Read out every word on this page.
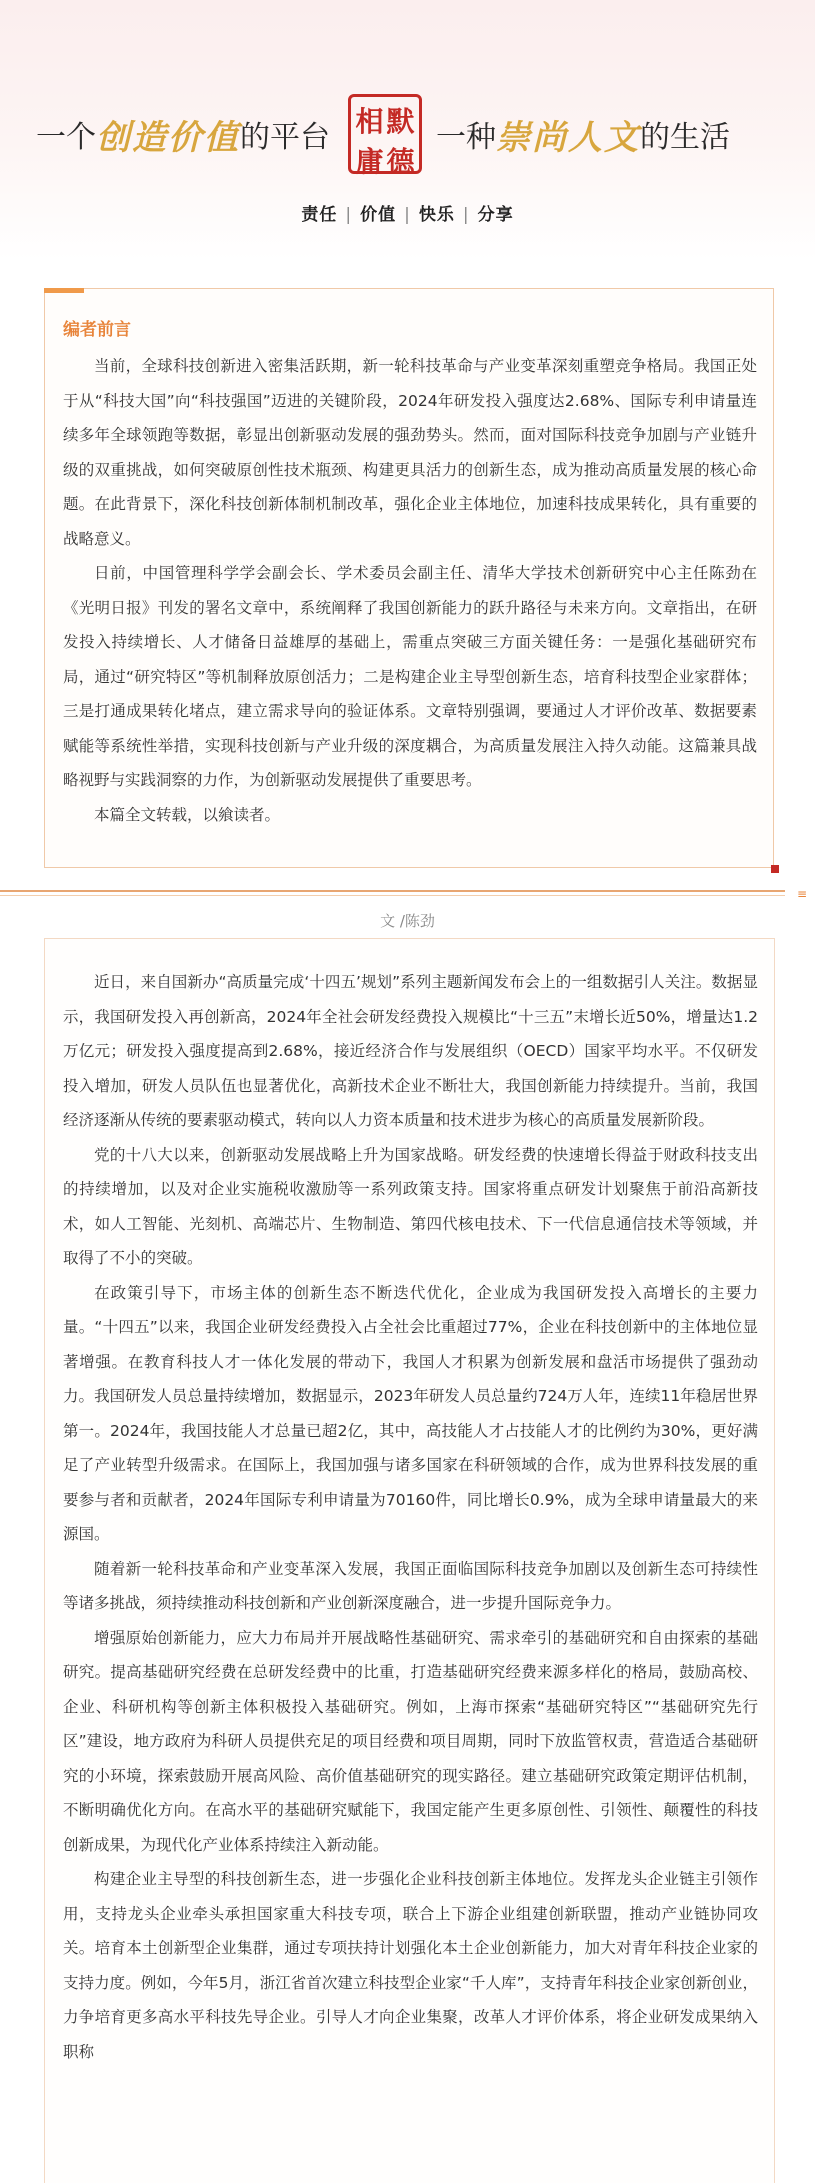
一个 创造价值 的平台 相 默
庸 德
一种 崇尚人文 的生活
责任 | 价值 | 快乐 | 分享
编者前言

当前，全球科技创新进入密集活跃期，新一轮科技革命与产业变革深刻重塑竞争格局。我国正处于从“科技大国”向“科技强国”迈进的关键阶段，2024年研发投入强度达2.68%、国际专利申请量连续多年全球领跑等数据，彰显出创新驱动发展的强劲势头。然而，面对国际科技竞争加剧与产业链升级的双重挑战，如何突破原创性技术瓶颈、构建更具活力的创新生态，成为推动高质量发展的核心命题。在此背景下，深化科技创新体制机制改革，强化企业主体地位，加速科技成果转化，具有重要的战略意义。

日前，中国管理科学学会副会长、学术委员会副主任、清华大学技术创新研究中心主任陈劲在《光明日报》刊发的署名文章中，系统阐释了我国创新能力的跃升路径与未来方向。文章指出，在研发投入持续增长、人才储备日益雄厚的基础上，需重点突破三方面关键任务：一是强化基础研究布局，通过“研究特区”等机制释放原创活力；二是构建企业主导型创新生态，培育科技型企业家群体；三是打通成果转化堵点，建立需求导向的验证体系。文章特别强调，要通过人才评价改革、数据要素赋能等系统性举措，实现科技创新与产业升级的深度耦合，为高质量发展注入持久动能。这篇兼具战略视野与实践洞察的力作，为创新驱动发展提供了重要思考。

本篇全文转载，以飨读者。

≡
文 /陈劲

近日，来自国新办“高质量完成‘十四五’规划”系列主题新闻发布会上的一组数据引人关注。数据显示，我国研发投入再创新高，2024年全社会研发经费投入规模比“十三五”末增长近50%，增量达1.2万亿元；研发投入强度提高到2.68%，接近经济合作与发展组织（OECD）国家平均水平。不仅研发投入增加，研发人员队伍也显著优化，高新技术企业不断壮大，我国创新能力持续提升。当前，我国经济逐渐从传统的要素驱动模式，转向以人力资本质量和技术进步为核心的高质量发展新阶段。

党的十八大以来，创新驱动发展战略上升为国家战略。研发经费的快速增长得益于财政科技支出的持续增加，以及对企业实施税收激励等一系列政策支持。国家将重点研发计划聚焦于前沿高新技术，如人工智能、光刻机、高端芯片、生物制造、第四代核电技术、下一代信息通信技术等领域，并取得了不小的突破。

在政策引导下，市场主体的创新生态不断迭代优化，企业成为我国研发投入高增长的主要力量。“十四五”以来，我国企业研发经费投入占全社会比重超过77%，企业在科技创新中的主体地位显著增强。在教育科技人才一体化发展的带动下，我国人才积累为创新发展和盘活市场提供了强劲动力。我国研发人员总量持续增加，数据显示，2023年研发人员总量约724万人年，连续11年稳居世界第一。2024年，我国技能人才总量已超2亿，其中，高技能人才占技能人才的比例约为30%，更好满足了产业转型升级需求。在国际上，我国加强与诸多国家在科研领域的合作，成为世界科技发展的重要参与者和贡献者，2024年国际专利申请量为70160件，同比增长0.9%，成为全球申请量最大的来源国。

随着新一轮科技革命和产业变革深入发展，我国正面临国际科技竞争加剧以及创新生态可持续性等诸多挑战，须持续推动科技创新和产业创新深度融合，进一步提升国际竞争力。

增强原始创新能力，应大力布局并开展战略性基础研究、需求牵引的基础研究和自由探索的基础研究。提高基础研究经费在总研发经费中的比重，打造基础研究经费来源多样化的格局，鼓励高校、企业、科研机构等创新主体积极投入基础研究。例如，上海市探索“基础研究特区”“基础研究先行区”建设，地方政府为科研人员提供充足的项目经费和项目周期，同时下放监管权责，营造适合基础研究的小环境，探索鼓励开展高风险、高价值基础研究的现实路径。建立基础研究政策定期评估机制，不断明确优化方向。在高水平的基础研究赋能下，我国定能产生更多原创性、引领性、颠覆性的科技创新成果，为现代化产业体系持续注入新动能。

构建企业主导型的科技创新生态，进一步强化企业科技创新主体地位。发挥龙头企业链主引领作用，支持龙头企业牵头承担国家重大科技专项，联合上下游企业组建创新联盟，推动产业链协同攻关。培育本土创新型企业集群，通过专项扶持计划强化本土企业创新能力，加大对青年科技企业家的支持力度。例如，今年5月，浙江省首次建立科技型企业家“千人库”，支持青年科技企业家创新创业，力争培育更多高水平科技先导企业。引导人才向企业集聚，改革人才评价体系，将企业研发成果纳入职称
